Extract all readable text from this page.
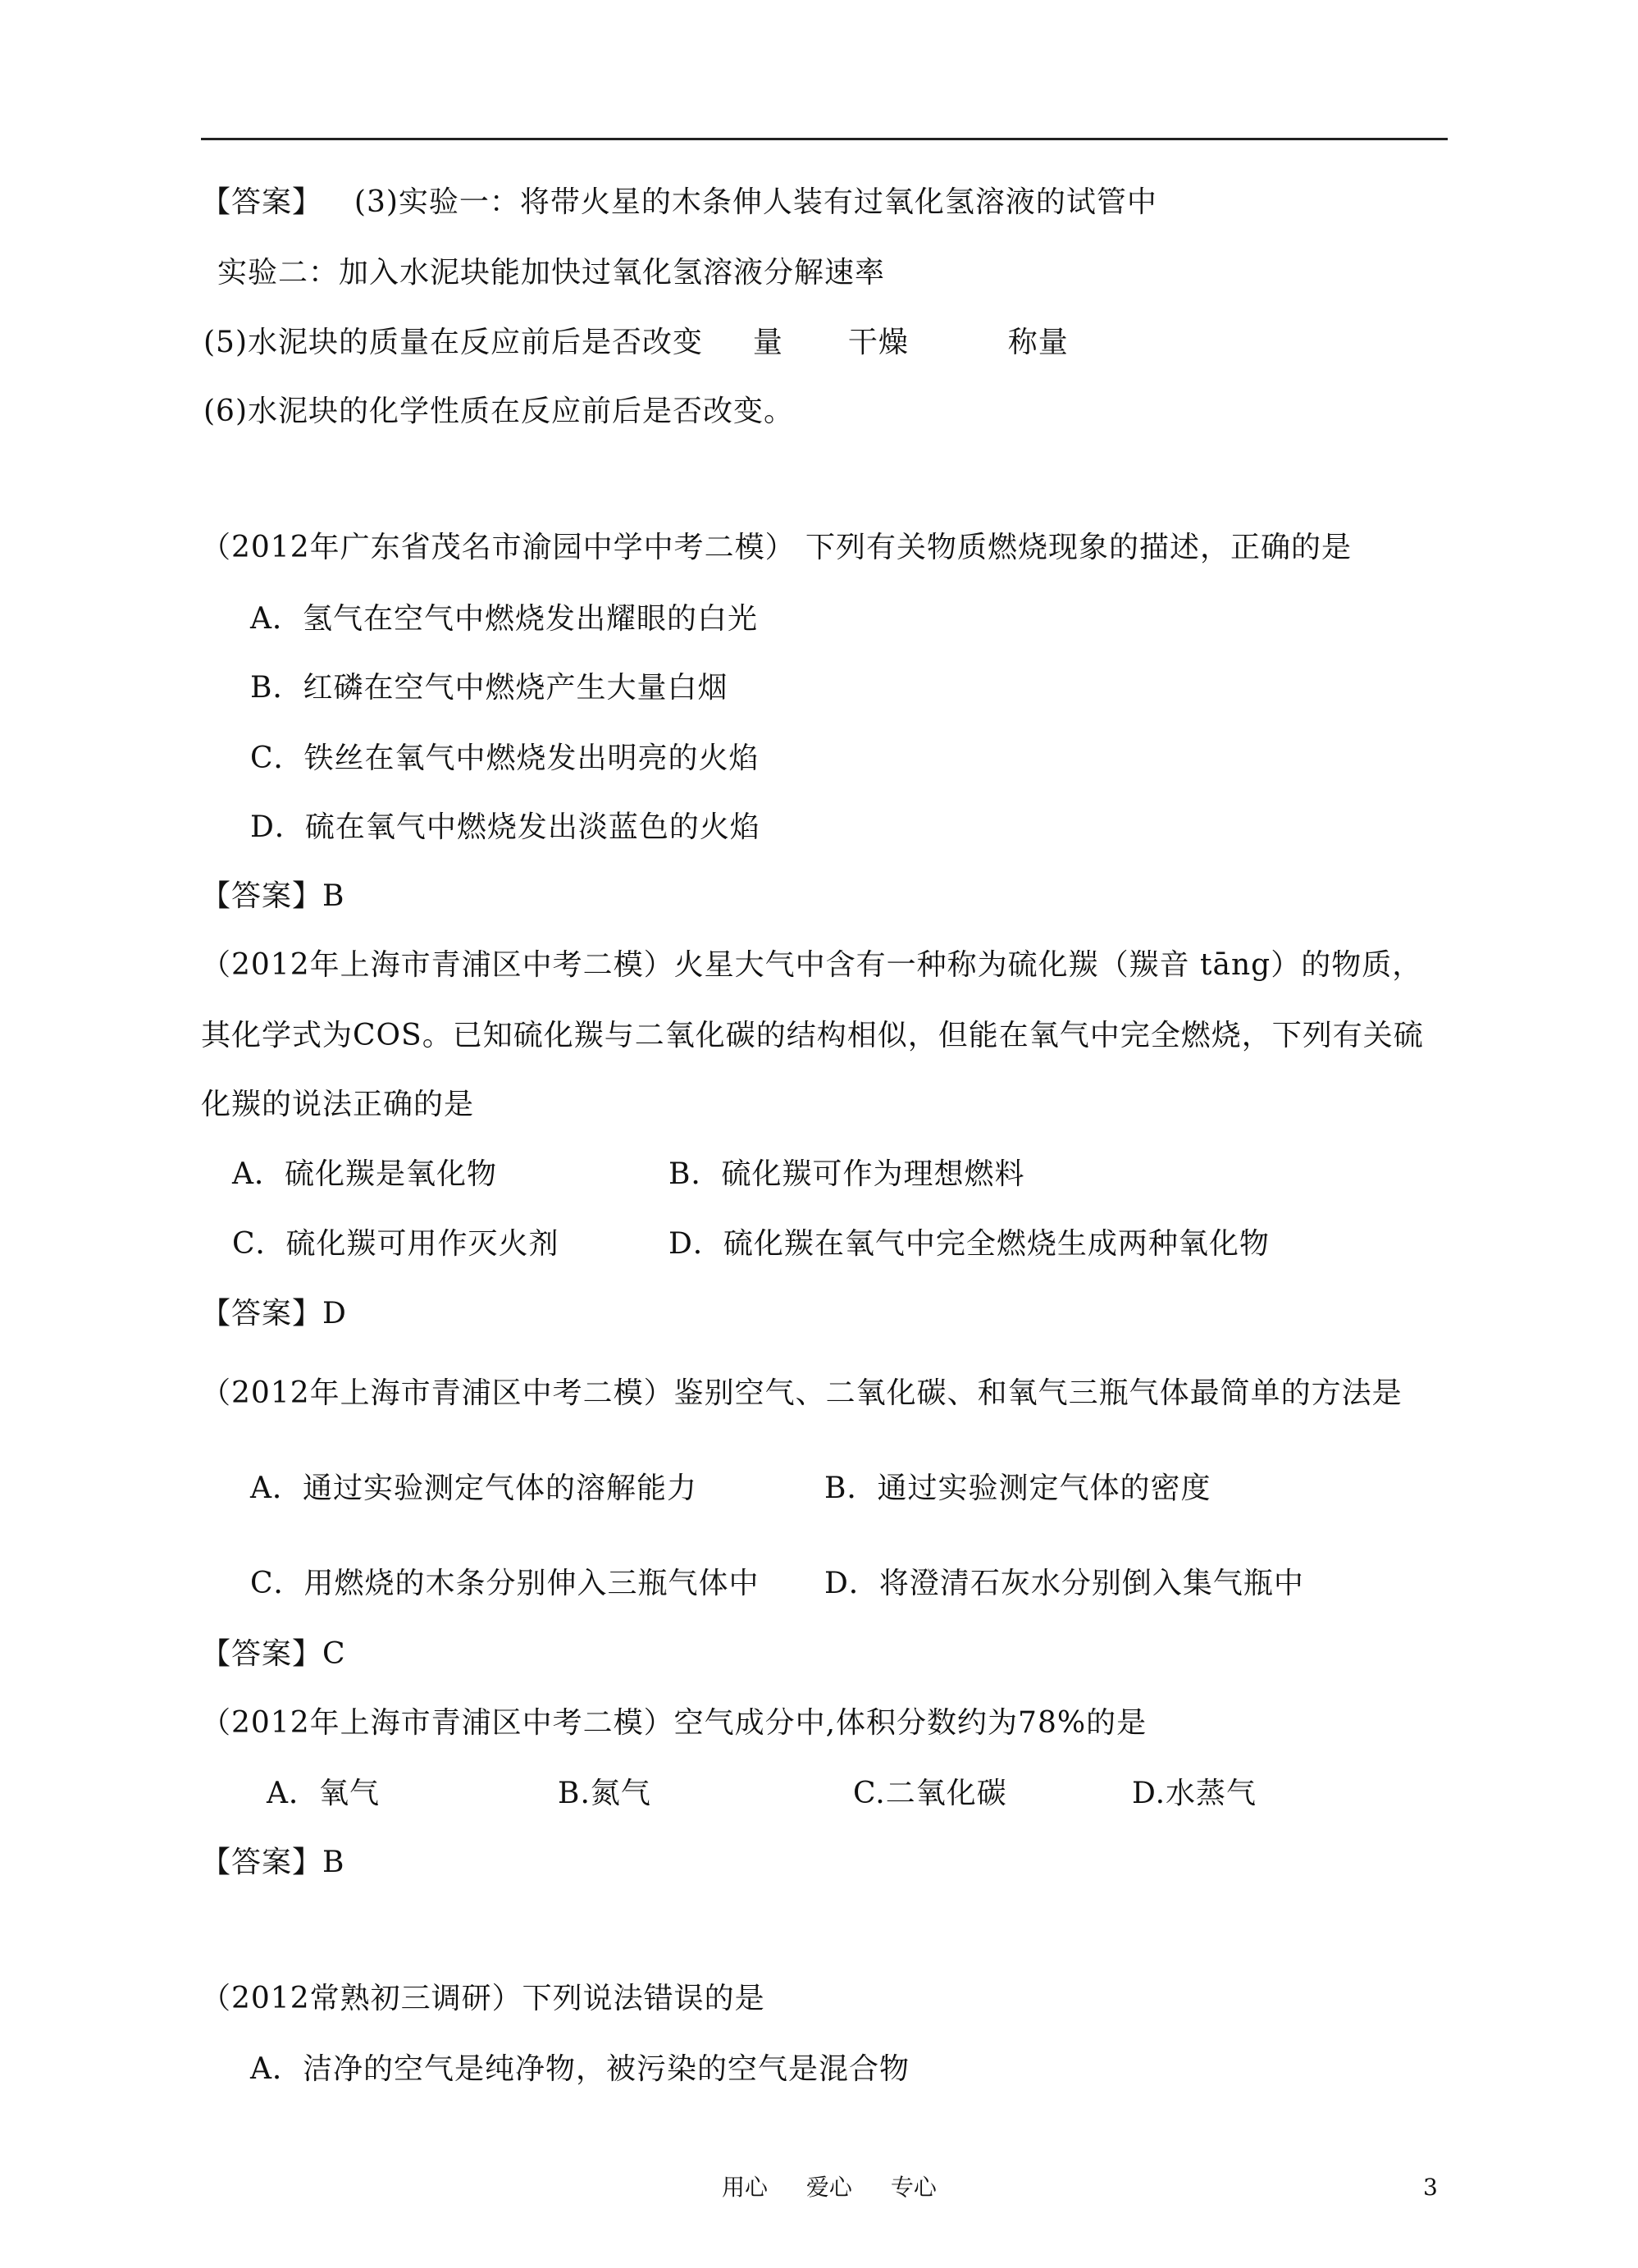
【答案】 (3)实验一：将带火星的木条伸人装有过氧化氢溶液的试管中
实验二：加入水泥块能加快过氧化氢溶液分解速率
(5)水泥块的质量在反应前后是否改变 量 干燥	称量
(6)水泥块的化学性质在反应前后是否改变。
（2012年广东省茂名市渝园中学中考二模） 下列有关物质燃烧现象的描述，正确的是
A．氢气在空气中燃烧发出耀眼的白光
B．红磷在空气中燃烧产生大量白烟
C．铁丝在氧气中燃烧发出明亮的火焰
D．硫在氧气中燃烧发出淡蓝色的火焰
【答案】B
（2012年上海市青浦区中考二模）火星大气中含有一种称为硫化羰（羰音 tāng）的物质，
其化学式为COS。已知硫化羰与二氧化碳的结构相似，但能在氧气中完全燃烧，下列有关硫
化羰的说法正确的是
A．硫化羰是氧化物	B．硫化羰可作为理想燃料
C．硫化羰可用作灭火剂	D．硫化羰在氧气中完全燃烧生成两种氧化物
【答案】D
（2012年上海市青浦区中考二模）鉴别空气、二氧化碳、和氧气三瓶气体最简单的方法是
A．通过实验测定气体的溶解能力	B．通过实验测定气体的密度
C．用燃烧的木条分别伸入三瓶气体中 D．将澄清石灰水分别倒入集气瓶中
【答案】C
（2012年上海市青浦区中考二模）空气成分中,体积分数约为78%的是
A．氧气	B.氮气	C.二氧化碳	D.水蒸气
【答案】B
（2012常熟初三调研）下列说法错误的是
A．洁净的空气是纯净物，被污染的空气是混合物
用心 爱心 专心	3
